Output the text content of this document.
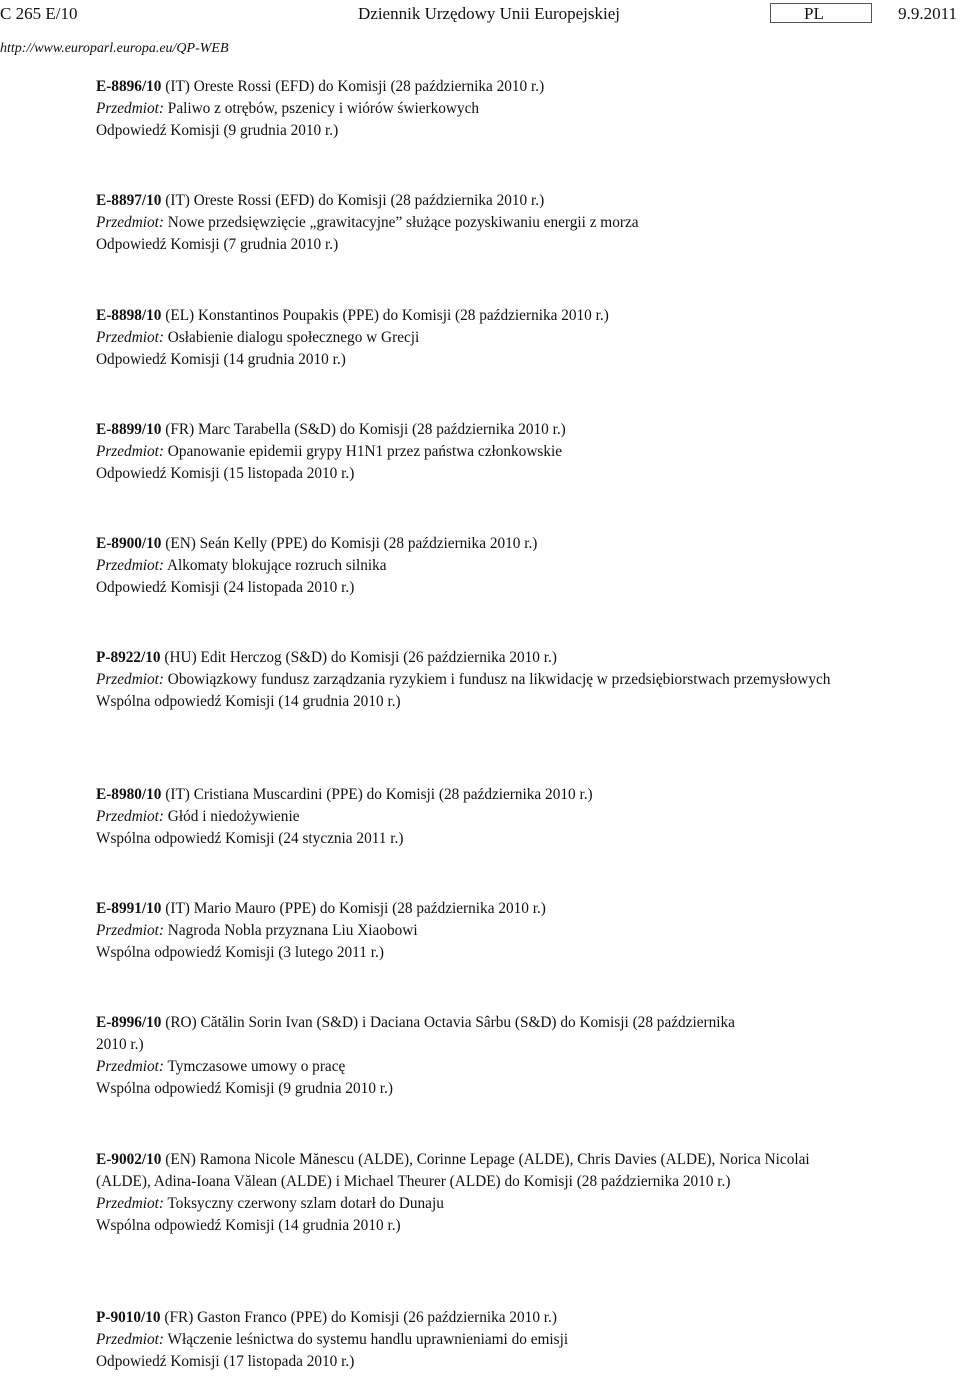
C 265 E/10	Dziennik Urzędowy Unii Europejskiej	PL	9.9.2011
http://www.europarl.europa.eu/QP-WEB
E-8896/10 (IT) Oreste Rossi (EFD) do Komisji (28 października 2010 r.)
Przedmiot: Paliwo z otrębów, pszenicy i wiórów świerkowych
Odpowiedź Komisji (9 grudnia 2010 r.)
E-8897/10 (IT) Oreste Rossi (EFD) do Komisji (28 października 2010 r.)
Przedmiot: Nowe przedsięwzięcie „grawitacyjne” służące pozyskiwaniu energii z morza
Odpowiedź Komisji (7 grudnia 2010 r.)
E-8898/10 (EL) Konstantinos Poupakis (PPE) do Komisji (28 października 2010 r.)
Przedmiot: Osłabienie dialogu społecznego w Grecji
Odpowiedź Komisji (14 grudnia 2010 r.)
E-8899/10 (FR) Marc Tarabella (S&D) do Komisji (28 października 2010 r.)
Przedmiot: Opanowanie epidemii grypy H1N1 przez państwa członkowskie
Odpowiedź Komisji (15 listopada 2010 r.)
E-8900/10 (EN) Seán Kelly (PPE) do Komisji (28 października 2010 r.)
Przedmiot: Alkomaty blokujące rozruch silnika
Odpowiedź Komisji (24 listopada 2010 r.)
P-8922/10 (HU) Edit Herczog (S&D) do Komisji (26 października 2010 r.)
Przedmiot: Obowiązkowy fundusz zarządzania ryzykiem i fundusz na likwidację w przedsiębiorstwach przemysłowych
Wspólna odpowiedź Komisji (14 grudnia 2010 r.)
E-8980/10 (IT) Cristiana Muscardini (PPE) do Komisji (28 października 2010 r.)
Przedmiot: Głód i niedożywienie
Wspólna odpowiedź Komisji (24 stycznia 2011 r.)
E-8991/10 (IT) Mario Mauro (PPE) do Komisji (28 października 2010 r.)
Przedmiot: Nagroda Nobla przyznana Liu Xiaobowi
Wspólna odpowiedź Komisji (3 lutego 2011 r.)
E-8996/10 (RO) Cătălin Sorin Ivan (S&D) i Daciana Octavia Sârbu (S&D) do Komisji (28 października 2010 r.)
Przedmiot: Tymczasowe umowy o pracę
Wspólna odpowiedź Komisji (9 grudnia 2010 r.)
E-9002/10 (EN) Ramona Nicole Mănescu (ALDE), Corinne Lepage (ALDE), Chris Davies (ALDE), Norica Nicolai (ALDE), Adina-Ioana Vălean (ALDE) i Michael Theurer (ALDE) do Komisji (28 października 2010 r.)
Przedmiot: Toksyczny czerwony szlam dotarł do Dunaju
Wspólna odpowiedź Komisji (14 grudnia 2010 r.)
P-9010/10 (FR) Gaston Franco (PPE) do Komisji (26 października 2010 r.)
Przedmiot: Włączenie leśnictwa do systemu handlu uprawnieniami do emisji
Odpowiedź Komisji (17 listopada 2010 r.)
